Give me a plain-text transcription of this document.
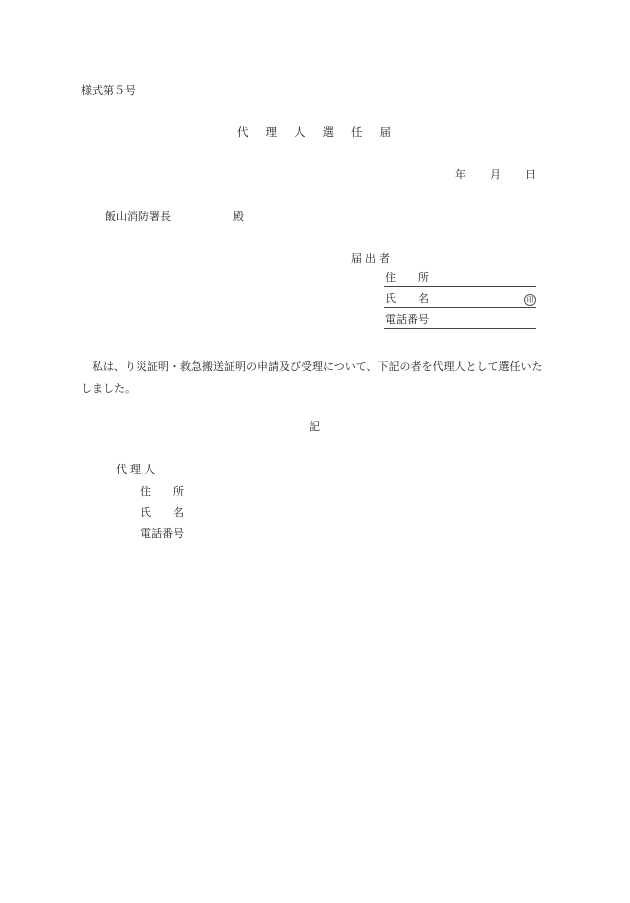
様式第５号
代 理 人 選 任 届
年 月 日
飯山消防署長	殿
届出者
住 所
氏 名	印
電話番号
私は、り災証明・救急搬送証明の申請及び受理について、下記の者を代理人として選任いたしました。
記
代理人
住 所
氏 名
電話番号
